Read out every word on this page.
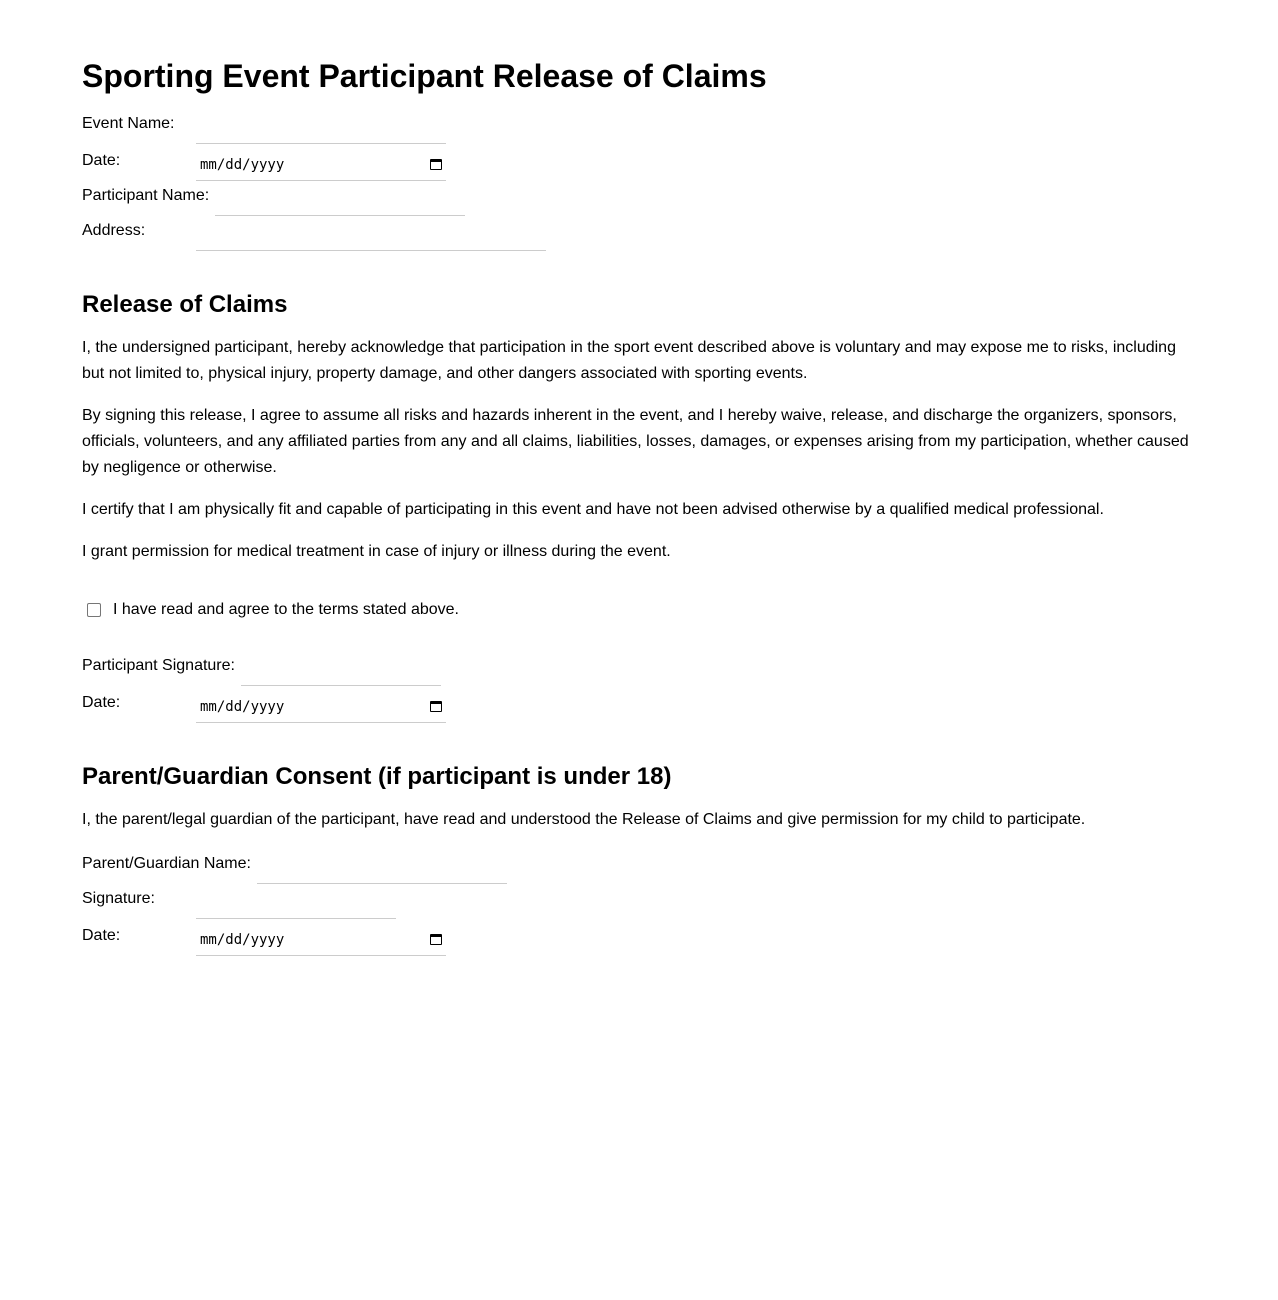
Sporting Event Participant Release of Claims
Event Name:
Date:	mm/dd/yyyy
Participant Name:
Address:
Release of Claims

I, the undersigned participant, hereby acknowledge that participation in the sport event described above is voluntary and may expose me to risks, including but not limited to, physical injury, property damage, and other dangers associated with sporting events.

By signing this release, I agree to assume all risks and hazards inherent in the event, and I hereby waive, release, and discharge the organizers, sponsors, officials, volunteers, and any affiliated parties from any and all claims, liabilities, losses, damages, or expenses arising from my participation, whether caused by negligence or otherwise.

I certify that I am physically fit and capable of participating in this event and have not been advised otherwise by a qualified medical professional.

I grant permission for medical treatment in case of injury or illness during the event.

I have read and agree to the terms stated above.
Participant Signature:
Date:	mm/dd/yyyy
Parent/Guardian Consent (if participant is under 18)

I, the parent/legal guardian of the participant, have read and understood the Release of Claims and give permission for my child to participate.

Parent/Guardian Name:
Signature:
Date:	mm/dd/yyyy
